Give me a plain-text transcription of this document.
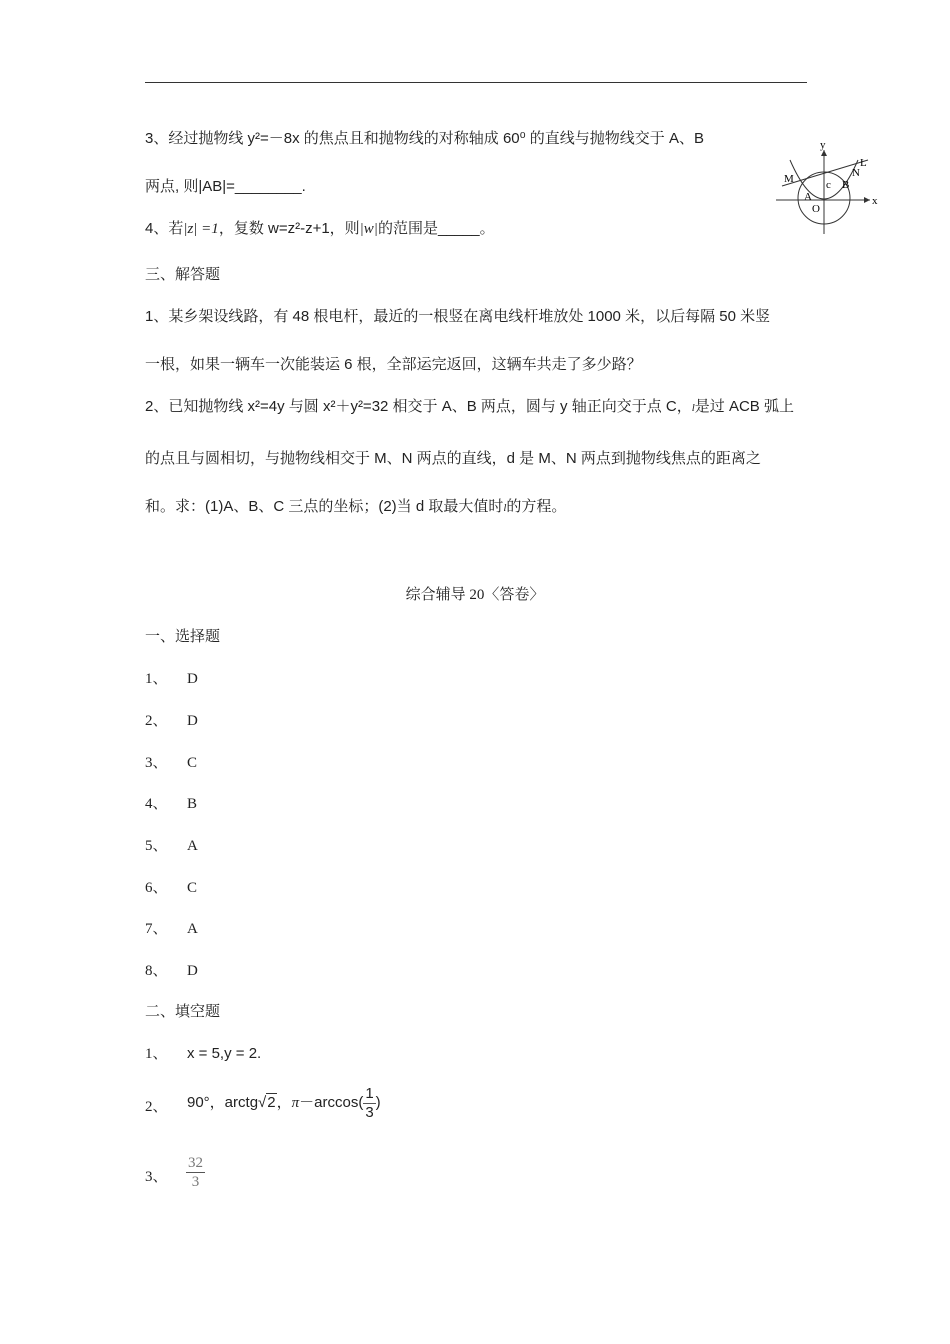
3、经过抛物线 y²=－8x 的焦点且和抛物线的对称轴成 60⁰ 的直线与抛物线交于 A、B
两点, 则|AB|=________.
y
x
L
M	N
c B
A
O
4、若|z| =1，复数 w=z²-z+1，则|w|的范围是_____。
三、解答题
1、某乡架设线路，有 48 根电杆，最近的一根竖在离电线杆堆放处 1000 米，以后每隔 50 米竖
一根，如果一辆车一次能装运 6 根，全部运完返回，这辆车共走了多少路？
2、已知抛物线 x²=4y 与圆 x²＋y²=32 相交于 A、B 两点，圆与 y 轴正向交于点 C，l是过 ACB 弧上
的点且与圆相切，与抛物线相交于 M、N 两点的直线，d 是 M、N 两点到抛物线焦点的距离之
和。求：(1)A、B、C 三点的坐标；(2)当 d 取最大值时l的方程。
综合辅导 20〈答卷〉
一、选择题
1、 D
2、 D
3、 C
4、 B
5、 A
6、 C
7、 A
8、 D
二、填空题
1、 x = 5,y = 2.
2、 90°，arctg√2，$\pi-\arccos( \frac{1}{3}$ )
3、 $\frac{32}{3}$
